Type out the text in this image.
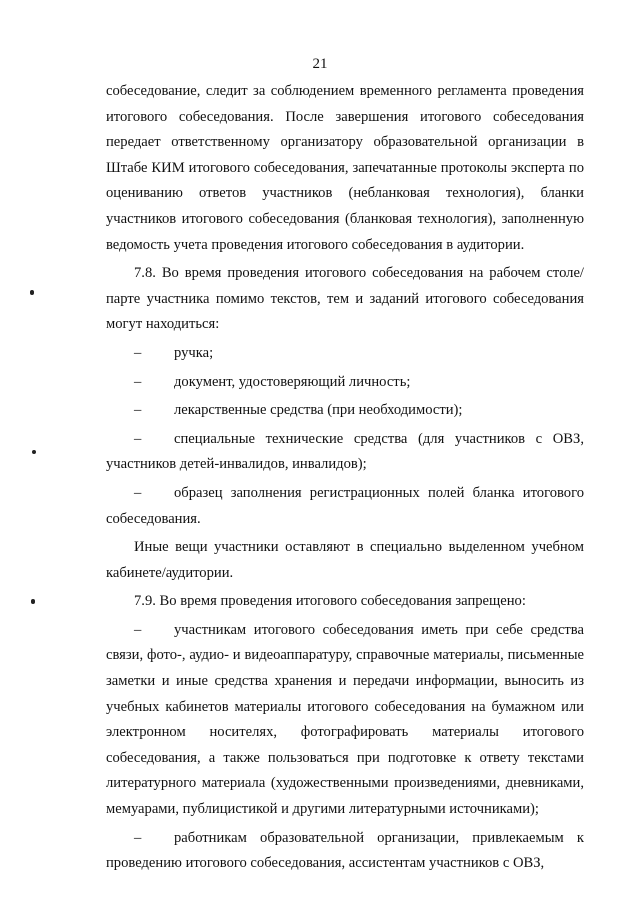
21

собеседование, следит за соблюдением временного регламента проведения итогового собеседования. После завершения итогового собеседования передает ответственному организатору образовательной организации в Штабе КИМ итогового собеседования, запечатанные протоколы эксперта по оцениванию ответов участников (небланковая технология), бланки участников итогового собеседования (бланковая технология), заполненную ведомость учета проведения итогового собеседования в аудитории.

7.8. Во время проведения итогового собеседования на рабочем столе/парте участника помимо текстов, тем и заданий итогового собеседования могут находиться:

– ручка;

– документ, удостоверяющий личность;

– лекарственные средства (при необходимости);

– специальные технические средства (для участников с ОВЗ, участников детей-инвалидов, инвалидов);

– образец заполнения регистрационных полей бланка итогового собеседования.

Иные вещи участники оставляют в специально выделенном учебном кабинете/аудитории.

7.9. Во время проведения итогового собеседования запрещено:

– участникам итогового собеседования иметь при себе средства связи, фото-, аудио- и видеоаппаратуру, справочные материалы, письменные заметки и иные средства хранения и передачи информации, выносить из учебных кабинетов материалы итогового собеседования на бумажном или электронном носителях, фотографировать материалы итогового собеседования, а также пользоваться при подготовке к ответу текстами литературного материала (художественными произведениями, дневниками, мемуарами, публицистикой и другими литературными источниками);

– работникам образовательной организации, привлекаемым к проведению итогового собеседования, ассистентам участников с ОВЗ,
